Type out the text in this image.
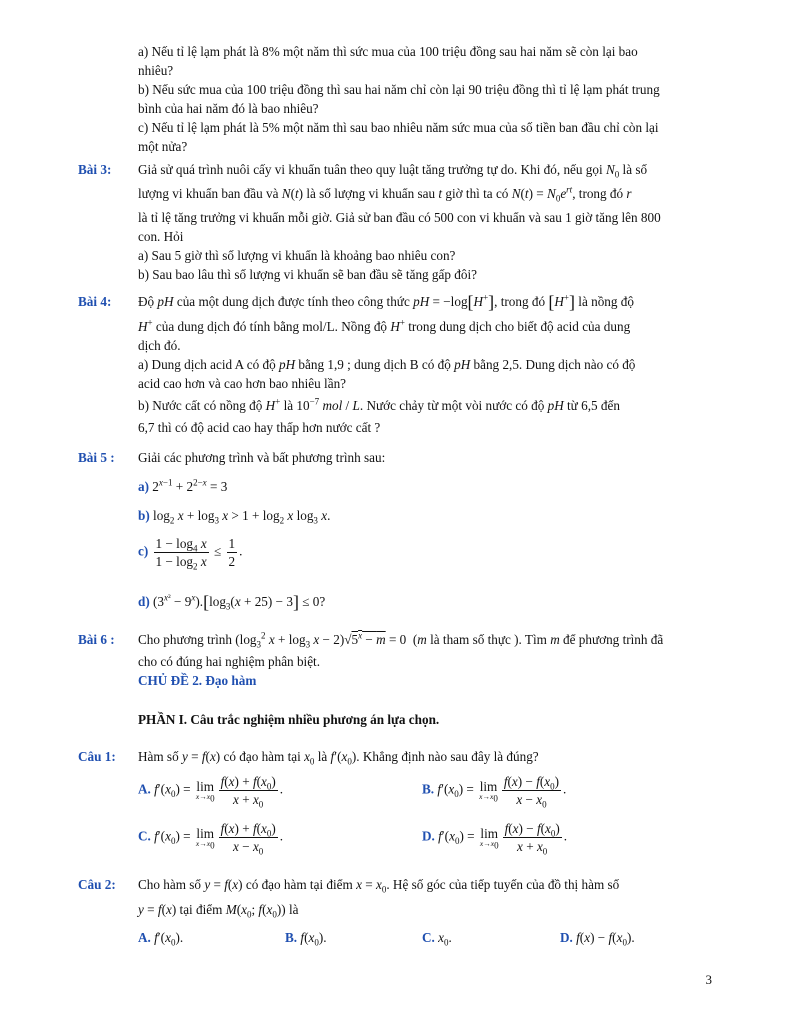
a) Nếu tỉ lệ lạm phát là 8% một năm thì sức mua của 100 triệu đồng sau hai năm sẽ còn lại bao
nhiêu?
b) Nếu sức mua của 100 triệu đồng thì sau hai năm chỉ còn lại 90 triệu đồng thì tỉ lệ lạm phát trung
bình của hai năm đó là bao nhiêu?
c) Nếu tỉ lệ lạm phát là 5% một năm thì sau bao nhiêu năm sức mua của số tiền ban đầu chỉ còn lại
một nửa?
Bài 3: Giả sử quá trình nuôi cấy vi khuẩn tuân theo quy luật tăng trưởng tự do. Khi đó, nếu gọi $N_0$ là số
lượng vi khuẩn ban đầu và N(t) là số lượng vi khuẩn sau t giờ thì ta có $N(t) = N_0e^{rt}$, trong đó r
là tỉ lệ tăng trưởng vi khuẩn mỗi giờ. Giả sử ban đầu có 500 con vi khuẩn và sau 1 giờ tăng lên 800
con. Hỏi
a) Sau 5 giờ thì số lượng vi khuẩn là khoảng bao nhiêu con?
b) Sau bao lâu thì số lượng vi khuẩn sẽ ban đầu sẽ tăng gấp đôi?
Bài 4: Độ pH của một dung dịch được tính theo công thức pH = −log[H+], trong đó [H+] là nồng độ
H+ của dung dịch đó tính bằng mol/L. Nồng độ H+ trong dung dịch cho biết độ acid của dung
dịch đó.
a) Dung dịch acid A có độ pH bằng 1,9 ; dung dịch B có độ pH bằng 2,5. Dung dịch nào có độ
acid cao hơn và cao hơn bao nhiêu lần?
b) Nước cất có nồng độ H+ là $10^{-7}$ mol / L. Nước chảy từ một vòi nước có độ pH từ 6,5 đến
6,7 thì có độ acid cao hay thấp hơn nước cất ?
Bài 5 : Giải các phương trình và bất phương trình sau:
a) $2^{x-1} + 2^{2-x} = 3$
b) $\log_2 x + \log_3 x > 1 + \log_2 x$ $\log_3 x$.
$c) \frac{1 - \log_4 x}{1 - \log_2 x} \le \frac{1}{2}$ .
d) $(3^{x^2} - 9^x).[\log_3(x + 25) - 3] \le 0$?
Bài 6 : Cho phương trình ($\log_3^2$ $x + \log_3 x - 2)√5^x - m = 0$  (m là tham số thực ). Tìm m để phương trình đã
cho có đúng hai nghiệm phân biệt.
CHỦ ĐỀ 2. Đạo hàm
PHẦN I. Câu trắc nghiệm nhiều phương án lựa chọn.
Câu 1: Hàm số y = f(x) có đạo hàm tại $x_0$ là $f'(x_0)$. Khẳng định nào sau đây là đúng?
A. $f'(x_0) = \lim$
$x\to x_0 \frac{f(x) + f(x_0)}{x + x_0}$ .	B. $f'(x_0) = \lim$
$x\to x_0 \frac{f(x) - f(x_0)}{x - x_0}$ .
C. $f'(x_0) = \lim$
$x\to x_0 \frac{f(x) + f(x_0)}{x - x_0}$ .	D. $f'(x_0) = \lim$
$x\to x_0 \frac{f(x) - f(x_0)}{x + x_0}$ .
Câu 2: Cho hàm số y = f(x) có đạo hàm tại điểm $x = x_0$. Hệ số góc của tiếp tuyến của đồ thị hàm số
y = f(x) tại điểm $M(x_0$; $f(x_0)$) là
A. $f'(x_0)$.	B. $f(x_0)$.	C. $x_0$.	D. $f(x) - f(x_0)$.
3
